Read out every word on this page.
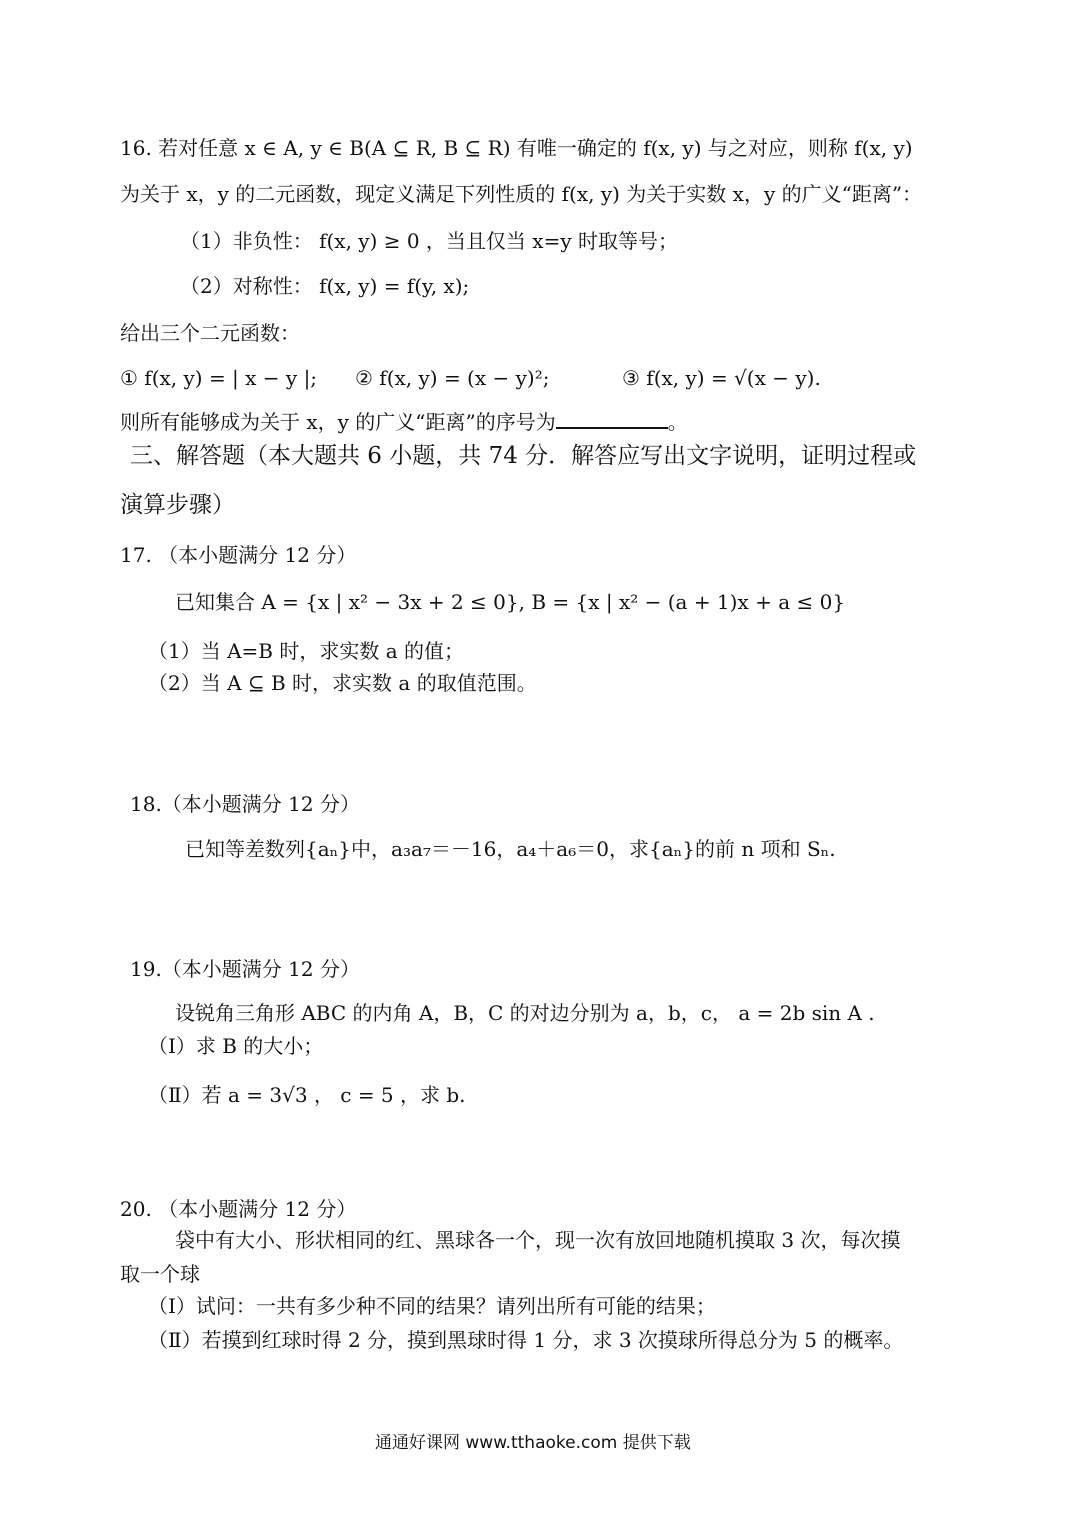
16. 若对任意 x ∈ A, y ∈ B(A ⊆ R, B ⊆ R) 有唯一确定的 f(x, y) 与之对应，则称 f(x, y)
为关于 x，y 的二元函数，现定义满足下列性质的 f(x, y) 为关于实数 x，y 的广义“距离”：
（1）非负性： f(x, y) ≥ 0 ，当且仅当 x=y 时取等号；
（2）对称性： f(x, y) = f(y, x);
给出三个二元函数：
① f(x, y) = | x − y |; ② f(x, y) = (x − y)²;	③ f(x, y) = √(x − y).
则所有能够成为关于 x，y 的广义“距离”的序号为	。
三、解答题（本大题共 6 小题，共 74 分．解答应写出文字说明，证明过程或
演算步骤）
17. （本小题满分 12 分）
已知集合 A = {x | x² − 3x + 2 ≤ 0}, B = {x | x² − (a + 1)x + a ≤ 0}
（1）当 A=B 时，求实数 a 的值；
（2）当 A ⊆ B 时，求实数 a 的取值范围。
18.（本小题满分 12 分）
已知等差数列{aₙ}中，a₃a₇＝－16，a₄＋a₆＝0，求{aₙ}的前 n 项和 Sₙ.
19.（本小题满分 12 分）
设锐角三角形 ABC 的内角 A，B，C 的对边分别为 a，b，c， a = 2b sin A .
（Ⅰ）求 B 的大小；
（Ⅱ）若 a = 3√3 ， c = 5 ，求 b.
20. （本小题满分 12 分）
袋中有大小、形状相同的红、黑球各一个，现一次有放回地随机摸取 3 次，每次摸
取一个球
（Ⅰ）试问：一共有多少种不同的结果？请列出所有可能的结果；
（Ⅱ）若摸到红球时得 2 分，摸到黑球时得 1 分，求 3 次摸球所得总分为 5 的概率。
通通好课网 www.tthaoke.com 提供下载
